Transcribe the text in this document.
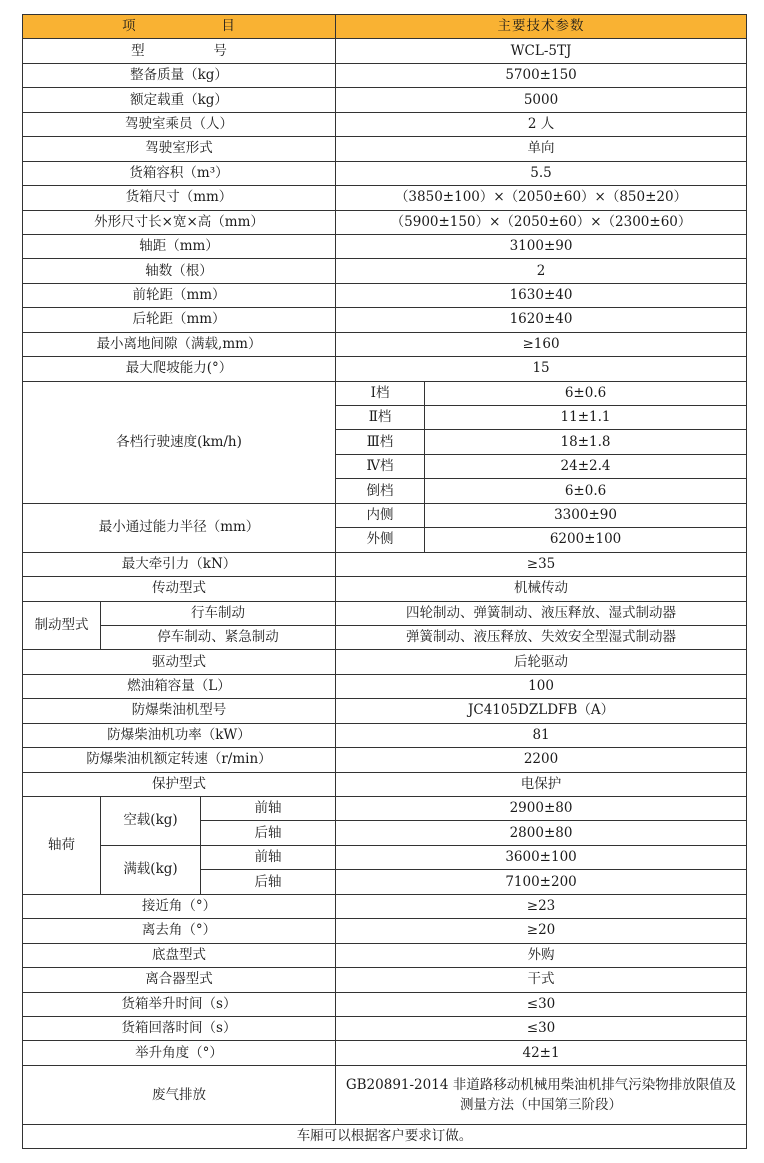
项                目			主要技术参数	
型                号			WCL-5TJ	
整备质量（kg）			5700±150	
额定载重（kg）			5000	
驾驶室乘员（人）			2 人	
驾驶室形式			单向	
货箱容积（m³）			5.5	
货箱尺寸（mm）			（3850±100）×（2050±60）×（850±20）	
外形尺寸长×宽×高（mm）			（5900±150）×（2050±60）×（2300±60）	
轴距（mm）			3100±90	
轴数（根）			2	
前轮距（mm）			1630±40	
后轮距（mm）			1620±40	
最小离地间隙（满载,mm）			≥160	
最大爬坡能力(°）			15	
各档行驶速度(km/h)			Ⅰ档	6±0.6
			Ⅱ档	11±1.1
			Ⅲ档	18±1.8
			Ⅳ档	24±2.4
			倒档	6±0.6
最小通过能力半径（mm）			内侧	3300±90
			外侧	6200±100
最大牵引力（kN）			≥35	
传动型式			机械传动	
制动型式	行车制动		四轮制动、弹簧制动、液压释放、湿式制动器	
	停车制动、紧急制动		弹簧制动、液压释放、失效安全型湿式制动器	
驱动型式			后轮驱动	
燃油箱容量（L）			100	
防爆柴油机型号			JC4105DZLDFB（A）	
防爆柴油机功率（kW）			81	
防爆柴油机额定转速（r/min）			2200	
保护型式			电保护	
轴荷	空载(kg)	前轴	2900±80	
		后轴	2800±80	
	满载(kg)	前轴	3600±100	
		后轴	7100±200	
接近角（°）			≥23	
离去角（°）			≥20	
底盘型式			外购	
离合器型式			干式	
货箱举升时间（s）			≤30	
货箱回落时间（s）			≤30	
举升角度（°）			42±1	
废气排放			GB20891-2014 非道路移动机械用柴油机排气污染物排放限值及测量方法（中国第三阶段）	
车厢可以根据客户要求订做。				
